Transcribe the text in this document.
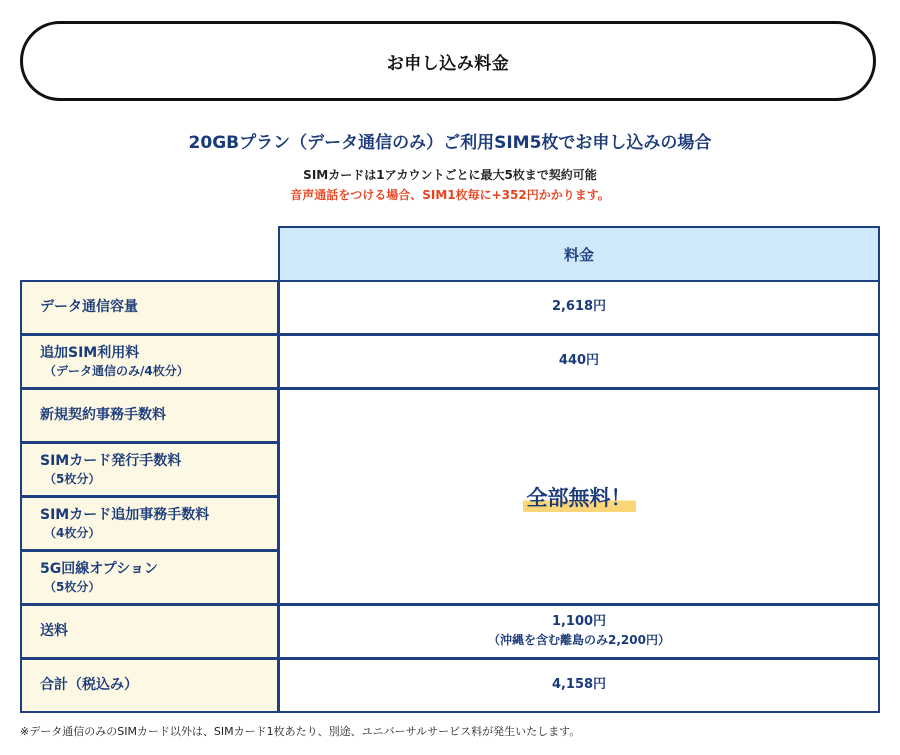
お申し込み料金
20GBプラン（データ通信のみ）ご利用SIM5枚でお申し込みの場合
SIMカードは1アカウントごとに最大5枚まで契約可能
音声通話をつける場合、SIM1枚毎に+352円かかります。
料金
データ通信容量	2,618円
追加SIM利用料
（データ通信のみ/4枚分）
440円
新規契約事務手数料
SIMカード発行手数料
（5枚分）
SIMカード追加事務手数料
（4枚分）
5G回線オプション
（5枚分）
全部無料！
送料
1,100円
（沖縄を含む離島のみ2,200円）
合計（税込み）	4,158円
※データ通信のみのSIMカード以外は、SIMカード1枚あたり、別途、ユニバーサルサービス料が発生いたします。
